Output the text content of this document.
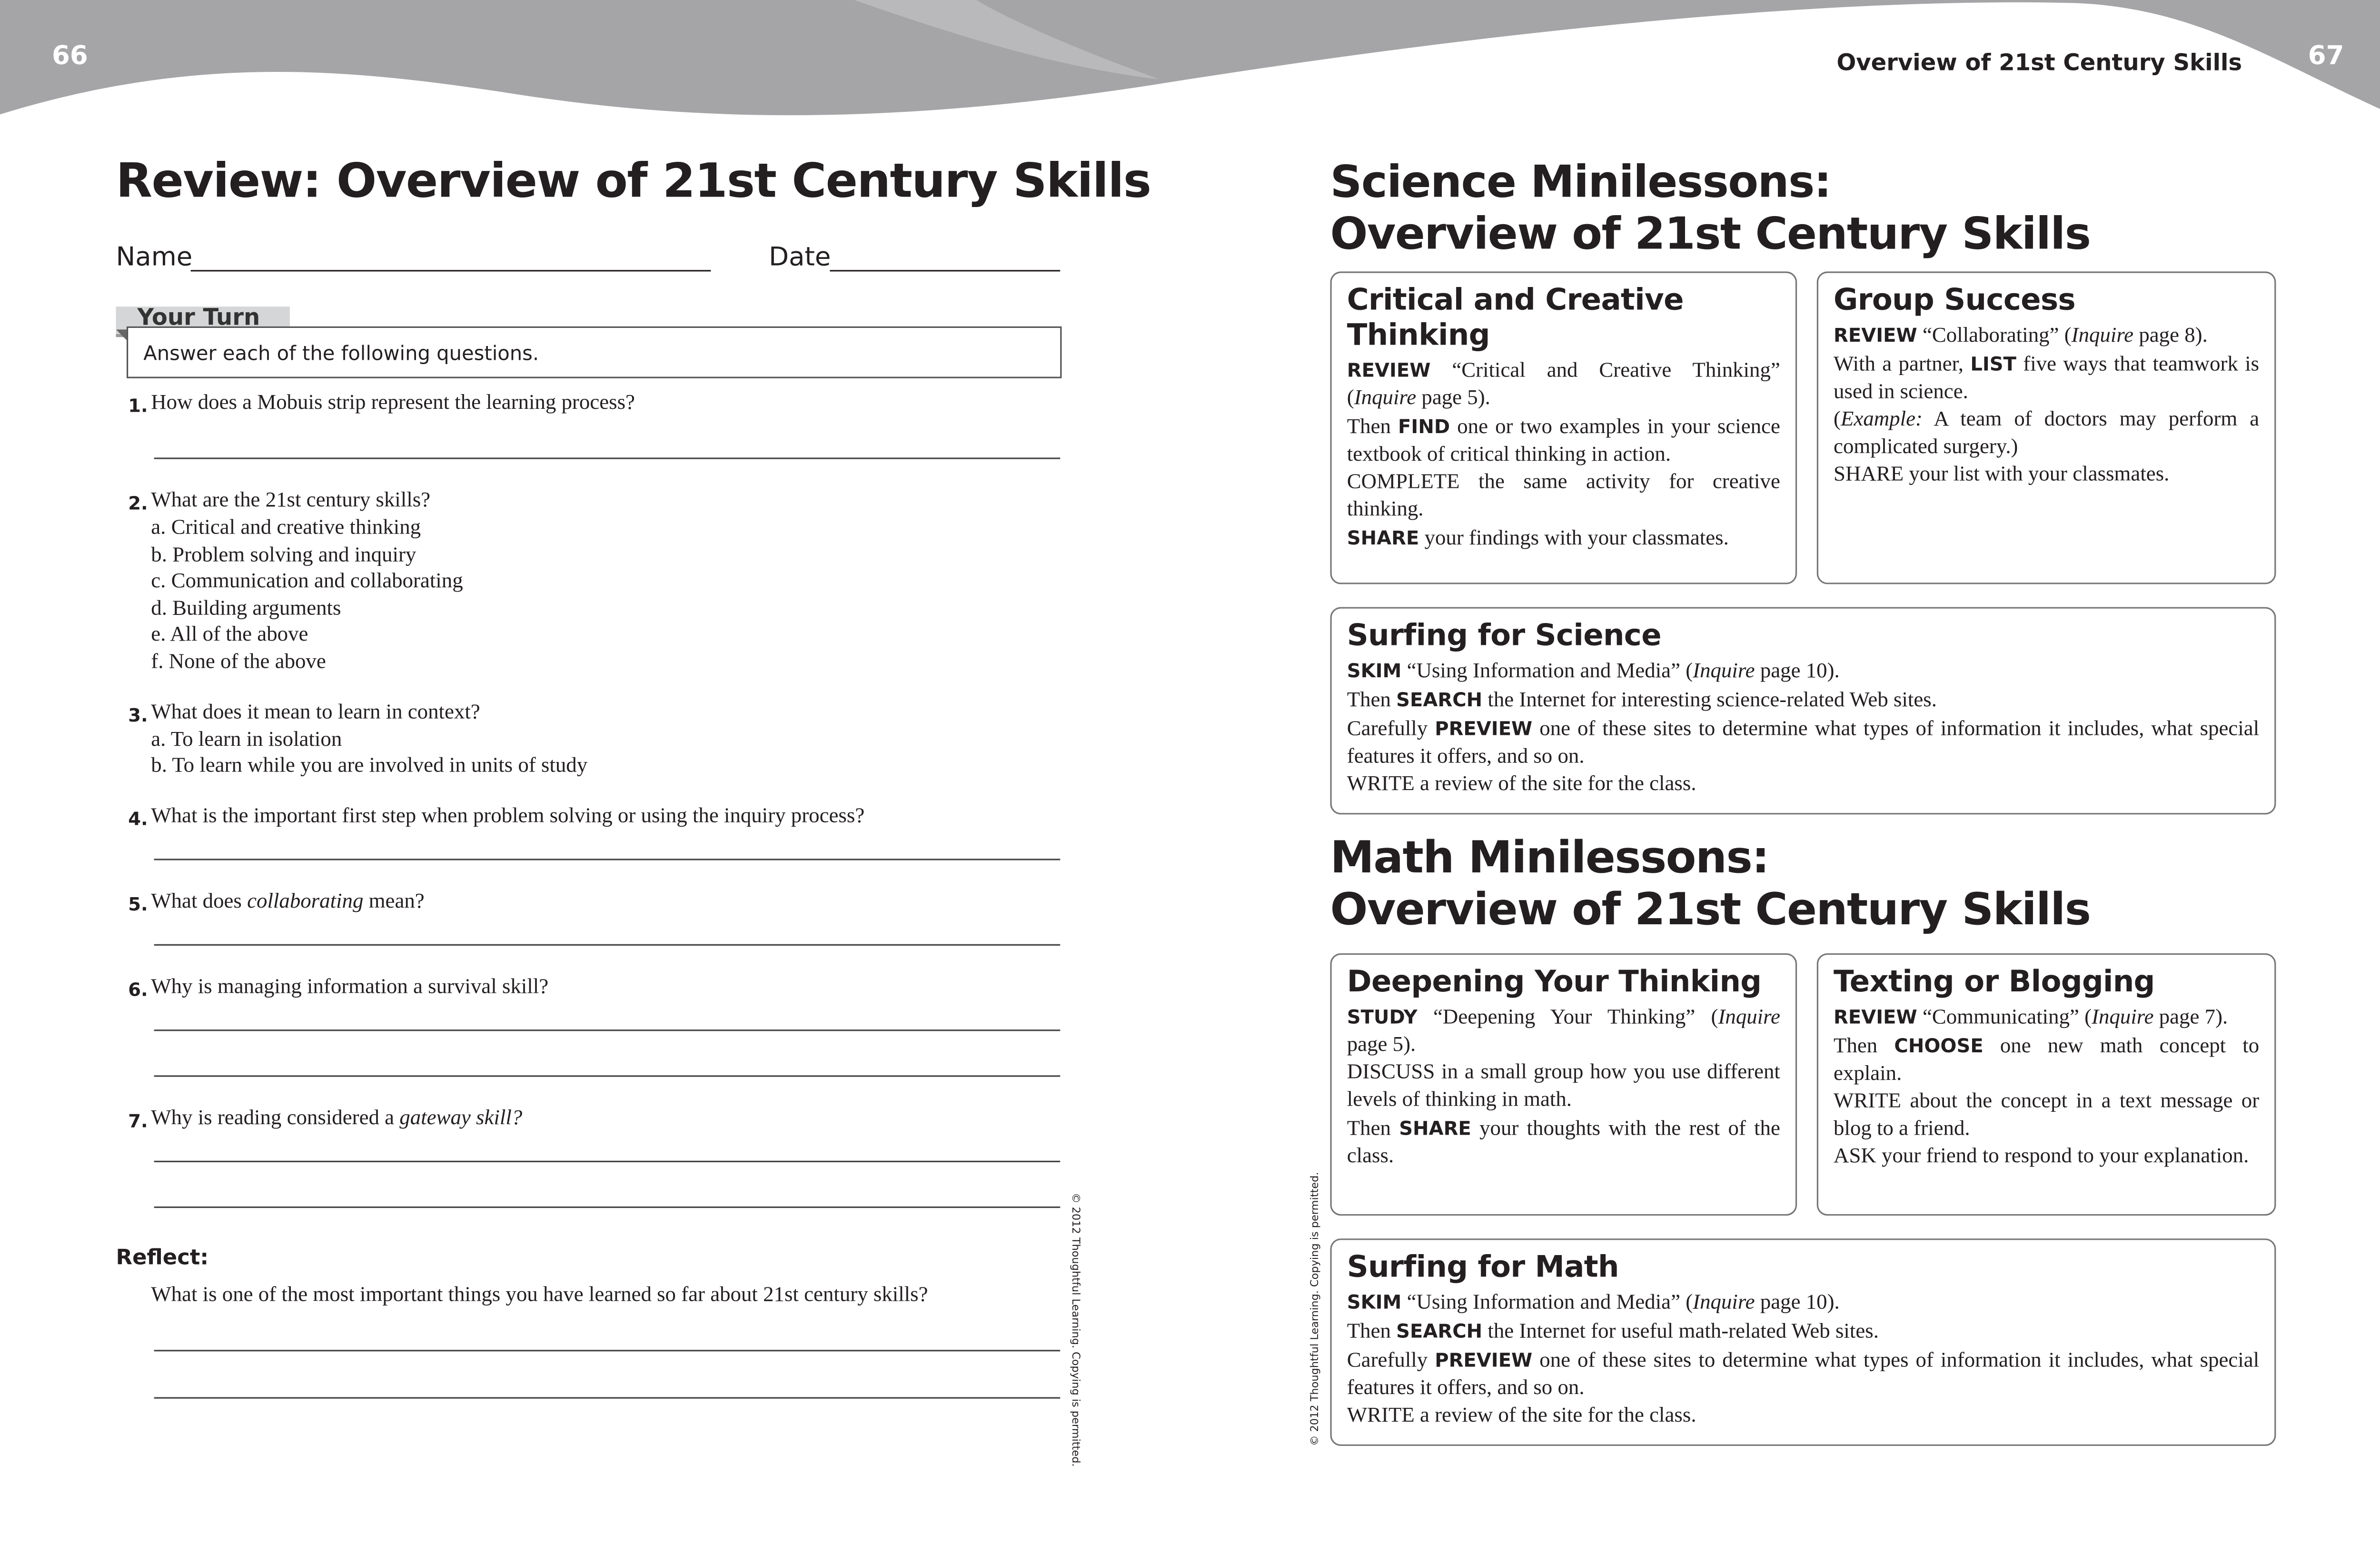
66	67
Overview of 21st Century Skills
Review: Overview of 21st Century Skills
Name	Date
Your Turn
Answer each of the following questions.
1. How does a Mobuis strip represent the learning process?
2. What are the 21st century skills?
a. Critical and creative thinking
b. Problem solving and inquiry
c. Communication and collaborating
d. Building arguments
e. All of the above
f. None of the above
3. What does it mean to learn in context?
a. To learn in isolation
b. To learn while you are involved in units of study
4. What is the important first step when problem solving or using the inquiry process?
5. What does collaborating mean?
6. Why is managing information a survival skill?
7. Why is reading considered a gateway skill?
Reflect:
What is one of the most important things you have learned so far about 21st century skills?	© 2012 Thoughtful Learning. Copying is permitted.	© 2012 Thoughtful Learning. Copying is permitted.
Science Minilessons:
Overview of 21st Century Skills
Critical and Creative Thinking

REVIEW “Critical and Creative Thinking” (Inquire page 5).

Then FIND one or two examples in your science textbook of critical thinking in action.

COMPLETE the same activity for creative thinking.

SHARE your findings with your classmates.

Group Success

REVIEW “Collaborating” (Inquire page 8).

With a partner, LIST five ways that teamwork is used in science.

(Example: A team of doctors may perform a complicated surgery.)

SHARE your list with your classmates.

Surfing for Science

SKIM “Using Information and Media” (Inquire page 10).

Then SEARCH the Internet for interesting science-related Web sites.

Carefully PREVIEW one of these sites to determine what types of information it includes, what special features it offers, and so on.

WRITE a review of the site for the class.

Math Minilessons:
Overview of 21st Century Skills
Deepening Your Thinking

STUDY “Deepening Your Thinking” (Inquire page 5).

DISCUSS in a small group how you use different levels of thinking in math.

Then SHARE your thoughts with the rest of the class.

Texting or Blogging

REVIEW “Communicating” (Inquire page 7).

Then CHOOSE one new math concept to explain.

WRITE about the concept in a text message or blog to a friend.

ASK your friend to respond to your explanation.

Surfing for Math

SKIM “Using Information and Media” (Inquire page 10).

Then SEARCH the Internet for useful math-related Web sites.

Carefully PREVIEW one of these sites to determine what types of information it includes, what special features it offers, and so on.

WRITE a review of the site for the class.
